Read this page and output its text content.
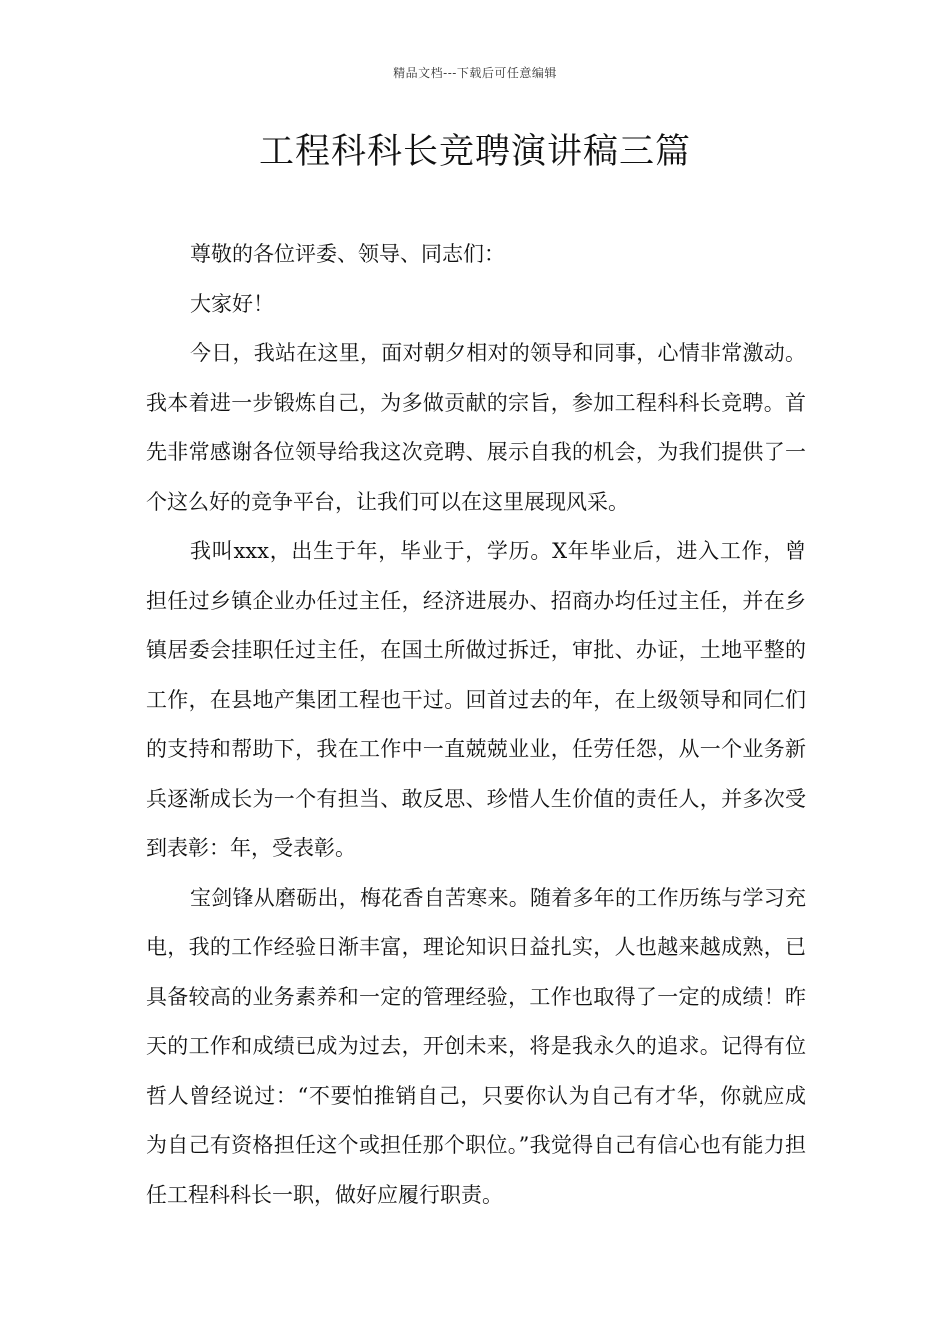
精品文档---下载后可任意编辑
工程科科长竞聘演讲稿三篇

尊敬的各位评委、领导、同志们：

大家好！

今日，我站在这里，面对朝夕相对的领导和同事，心情非常激动。我本着进一步锻炼自己，为多做贡献的宗旨，参加工程科科长竞聘。首先非常感谢各位领导给我这次竞聘、展示自我的机会，为我们提供了一个这么好的竞争平台，让我们可以在这里展现风采。

我叫xxx，出生于年，毕业于，学历。X年毕业后，进入工作，曾担任过乡镇企业办任过主任，经济进展办、招商办均任过主任，并在乡镇居委会挂职任过主任，在国土所做过拆迁，审批、办证，土地平整的工作，在县地产集团工程也干过。回首过去的年，在上级领导和同仁们的支持和帮助下，我在工作中一直兢兢业业，任劳任怨，从一个业务新兵逐渐成长为一个有担当、敢反思、珍惜人生价值的责任人，并多次受到表彰：年，受表彰。

宝剑锋从磨砺出，梅花香自苦寒来。随着多年的工作历练与学习充电，我的工作经验日渐丰富，理论知识日益扎实，人也越来越成熟，已具备较高的业务素养和一定的管理经验，工作也取得了一定的成绩！昨天的工作和成绩已成为过去，开创未来，将是我永久的追求。记得有位哲人曾经说过：“不要怕推销自己，只要你认为自己有才华，你就应成为自己有资格担任这个或担任那个职位。”我觉得自己有信心也有能力担任工程科科长一职，做好应履行职责。
